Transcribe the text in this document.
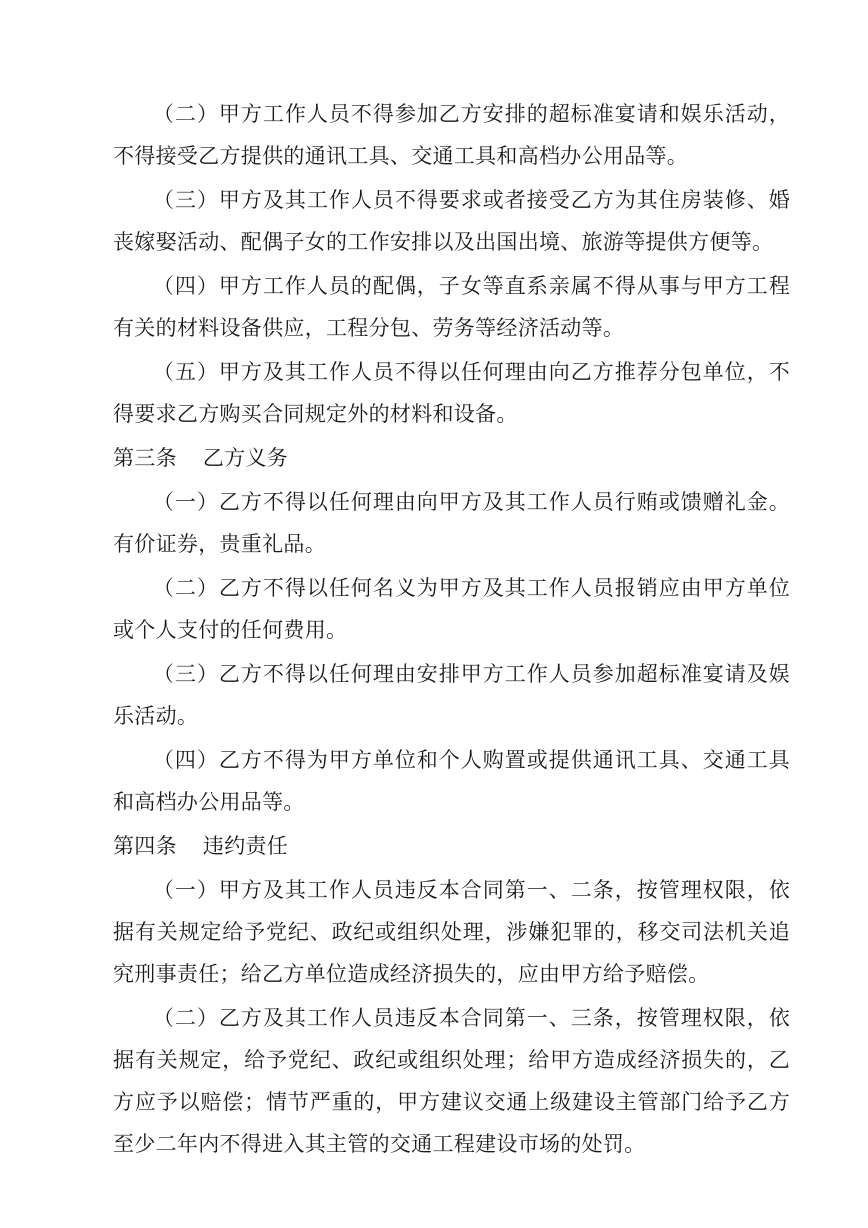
（二）甲方工作人员不得参加乙方安排的超标准宴请和娱乐活动，不得接受乙方提供的通讯工具、交通工具和高档办公用品等。

（三）甲方及其工作人员不得要求或者接受乙方为其住房装修、婚丧嫁娶活动、配偶子女的工作安排以及出国出境、旅游等提供方便等。

（四）甲方工作人员的配偶，子女等直系亲属不得从事与甲方工程有关的材料设备供应，工程分包、劳务等经济活动等。

（五）甲方及其工作人员不得以任何理由向乙方推荐分包单位，不得要求乙方购买合同规定外的材料和设备。

第三条 乙方义务

（一）乙方不得以任何理由向甲方及其工作人员行贿或馈赠礼金。有价证券，贵重礼品。

（二）乙方不得以任何名义为甲方及其工作人员报销应由甲方单位或个人支付的任何费用。

（三）乙方不得以任何理由安排甲方工作人员参加超标准宴请及娱乐活动。

（四）乙方不得为甲方单位和个人购置或提供通讯工具、交通工具和高档办公用品等。

第四条 违约责任

（一）甲方及其工作人员违反本合同第一、二条，按管理权限，依据有关规定给予党纪、政纪或组织处理，涉嫌犯罪的，移交司法机关追究刑事责任；给乙方单位造成经济损失的，应由甲方给予赔偿。

（二）乙方及其工作人员违反本合同第一、三条，按管理权限，依据有关规定，给予党纪、政纪或组织处理；给甲方造成经济损失的，乙方应予以赔偿；情节严重的，甲方建议交通上级建设主管部门给予乙方至少二年内不得进入其主管的交通工程建设市场的处罚。
